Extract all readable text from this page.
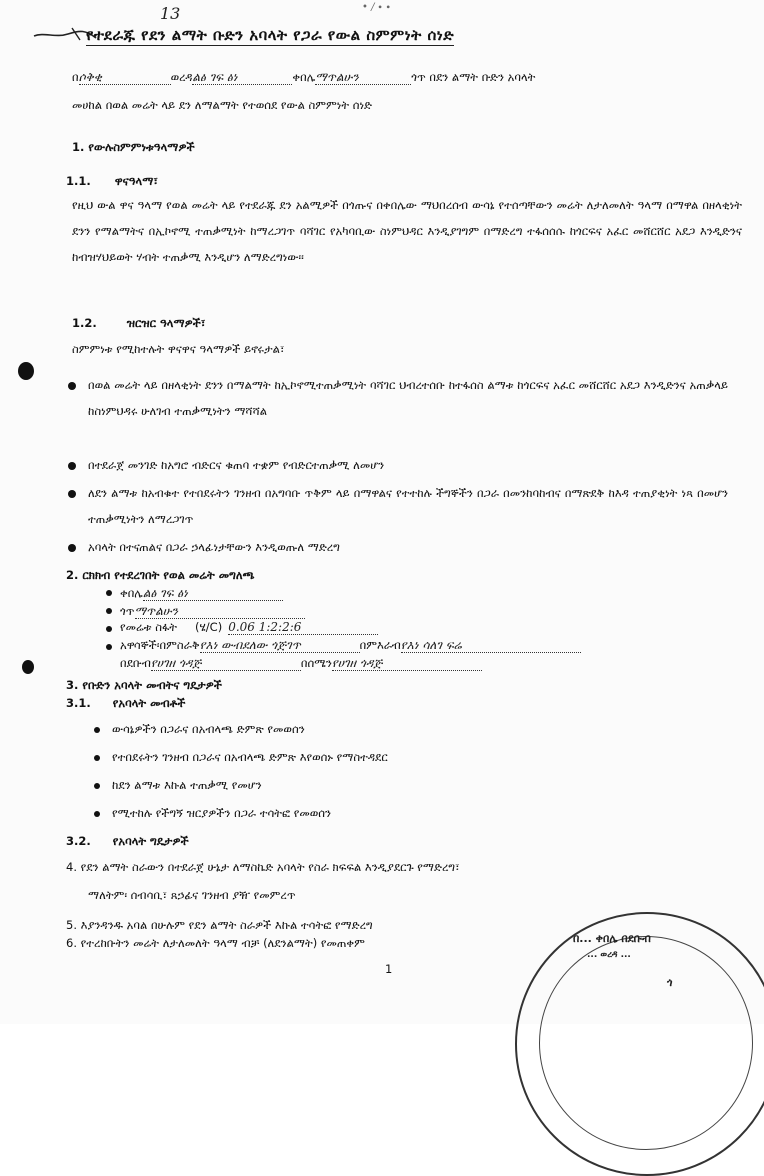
13	• / ∙ ∙
የተደራጁ የደን ልማት ቡድን አባላት የጋራ የውል ስምምነት ሰነድ
በሶቅቂ	ወረዳልፅ ገፍ ፅነ	ቀበሌማጥልሁን	ጎጥ በደን ልማት ቡድን አባላት
መሀከል በወል መሬት ላይ ደን ለማልማት የተወሰደ የውል ስምምነት ሰነድ
1. የውሉስምምነቱዓላማዎች
1.1. ዋናዓላማ፣
የዚህ ውል ዋና ዓላማ የወል መሬት ላይ የተደራጁ ደን አልሚዎች በጎጡና በቀበሌው ማህበረሰብ ውሳኔ የተሰጣቸውን መሬት ለታለመለት ዓላማ በማዋል በዘላቂነት ደንን የማልማትና በኢኮኖሚ ተጠቃሚነት ከማረጋገጥ ባሻገር የአካባቢው ስነምህዳር እንዲያገግም በማድረግ ተፋሰሰሱ ከጎርፍና አፈር መሸርሸር አደጋ እንዲድንና ከብዝሃህይወት ሃብት ተጠቃሚ እንዲሆን ለማድረግነው፡፡
1.2.	ዝርዝር ዓላማዎች፣
ስምምነቱ የሚከተሉት ዋናዋና ዓላማዎች ይኖሩታል፣
በወል መሬት ላይ በዘላቂነት ደንን በማልማት ከኢኮኖሚተጠቃሚነት ባሻገር ህብረተሰቡ ከተፋሰስ ልማቱ ከጎርፍና አፈር መሸርሸር አደጋ እንዲድንና አጠቃላይ ከስነምህዳሩ ሁለገብ ተጠቃሚነትን ማሻሻል
በተደራጀ መንገድ ከአግሮ ብድርና ቁጠባ ተቋም የብድርተጠቃሚ ለመሆን
ለደን ልማቱ ከአብቁተ የተበደሩትን ገንዘብ በአግባቡ ጥቅም ላይ በማዋልና የተተከሉ ችግኞችን በጋራ በመንከባከብና በማጽደቅ ከእዳ ተጠያቂነት ነጻ በመሆን ተጠቃሚነትን ለማረጋገጥ
አባላት በተናጠልና በጋራ ኃላፊነታቸውን እንዲወጡለ ማድረግ
2. ርክክብ የተደረገበት የወል መሬት መግለጫ
ቀበሌልፅ ገፍ ፅነ
ጎጥማጥልሁን
የመሬቱ ስፋት (ሄ/C) 0.06 1:2:2:6
አዋሳኞች፡በምስራቅየእነ ውብደለው ጎጅገጥ	በምእራብየእነ ሳለገ ፍሬ
በደቡብየሀገዘ ጎዳጅ	በሰሜንየሀገዘ ጎዳጅ
3. የቡድን አባላት መብትና ግዴታዎች
3.1. የአባላት መብቶች
ውሳኔዎችን በጋራና በአብላጫ ድምጽ የመወሰን
የተበደሩትን ገንዘብ በጋራና በአብላጫ ድምጽ እየወሰኑ የማስተዳደር
ከደን ልማቱ እኩል ተጠቃሚ የመሆን
የሚተከሉ የችግኝ ዝርያዎችን በጋራ ተሳትፎ የመወሰን
3.2. የአባላት ግዴታዎች
4. የደን ልማት ስራውን በተደራጀ ሁኔታ ለማስኬድ አባላት የስራ ክፍፍል እንዲያደርጉ የማድረግ፣
ማለትም፡ ሰብሳቢ፣ ጸኃፊና ገንዘብ ያዥ የመምረጥ
5. እያንዳንዱ አባል በሁሉም የደን ልማት ስራዎች እኩል ተሳትፎ የማድረግ
6. የተረከቡትን መሬት ለታለመለት ዓላማ ብቻ (ለደንልማት) የመጠቀም
1
በ... ቀበሌ በደቡብ
... ወረዳ ...
ጎ
